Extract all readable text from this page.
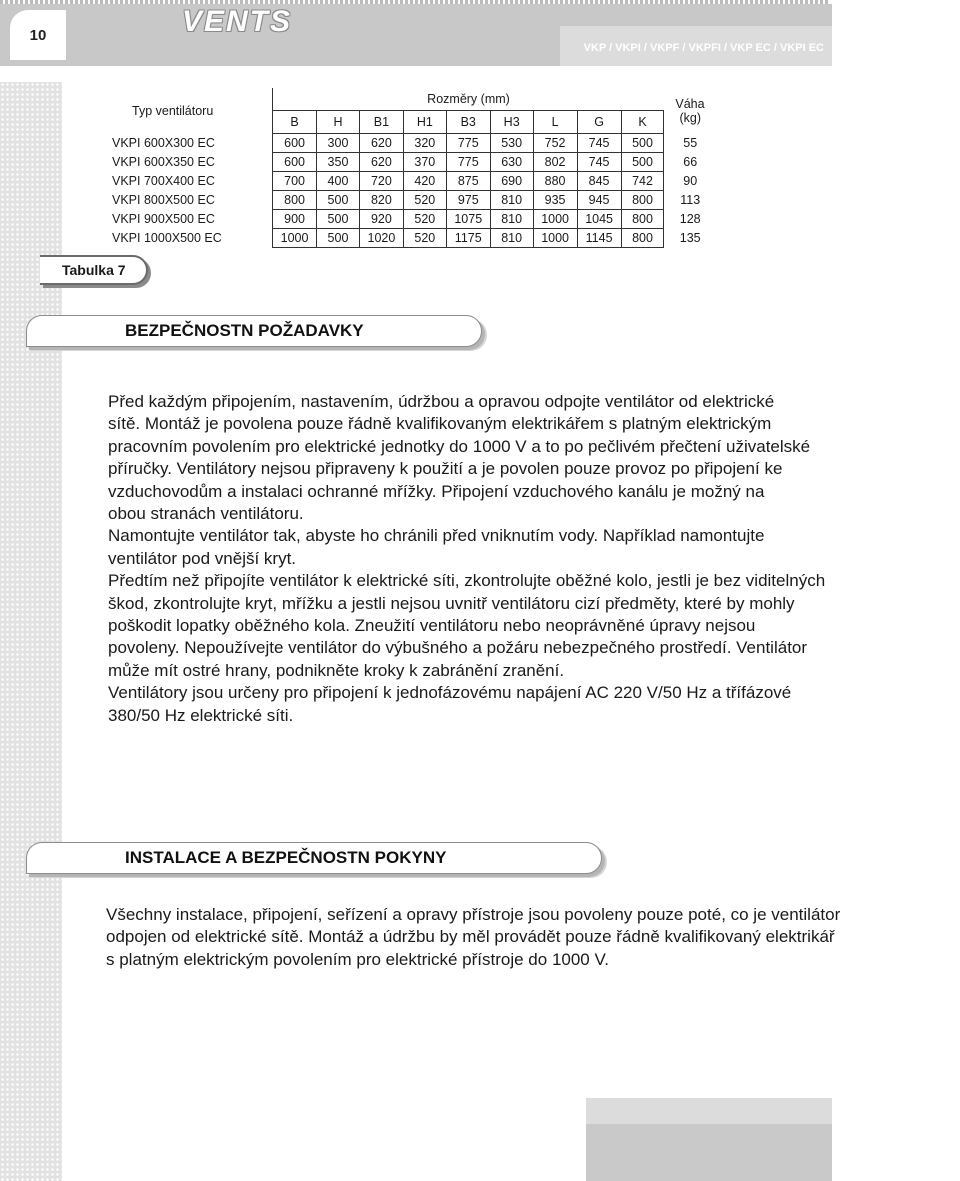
10	VENTS
VKP / VKPI / VKPF / VKPFI / VKP EC / VKPI EC
Typ ventilátoru		Rozměry (mm)									Váha
		B	H	B1	H1	B3	H3	L	G	K	(kg)
VKPI 600X300 EC		600	300	620	320	775	530	752	745	500	55
VKPI 600X350 EC		600	350	620	370	775	630	802	745	500	66
VKPI 700X400 EC		700	400	720	420	875	690	880	845	742	90
VKPI 800X500 EC		800	500	820	520	975	810	935	945	800	113
VKPI 900X500 EC		900	500	920	520	1075	810	1000	1045	800	128
VKPI 1000X500 EC		1000	500	1020	520	1175	810	1000	1145	800	135
Tabulka 7
BEZPEČNOSTN POŽADAVKY

Před každým připojením, nastavením, údržbou a opravou odpojte ventilátor od elektrické

sítě. Montáž je povolena pouze řádně kvalifikovaným elektrikářem s platným elektrickým

pracovním povolením pro elektrické jednotky do 1000 V a to po pečlivém přečtení uživatelské

příručky. Ventilátory nejsou připraveny k použití a je povolen pouze provoz po připojení ke

vzduchovodům a instalaci ochranné mřížky. Připojení vzduchového kanálu je možný na

obou stranách ventilátoru.

Namontujte ventilátor tak, abyste ho chránili před vniknutím vody. Například namontujte

ventilátor pod vnější kryt.

Předtím než připojíte ventilátor k elektrické síti, zkontrolujte oběžné kolo, jestli je bez viditelných

škod, zkontrolujte kryt, mřížku a jestli nejsou uvnitř ventilátoru cizí předměty, které by mohly

poškodit lopatky oběžného kola. Zneužití ventilátoru nebo neoprávněné úpravy nejsou

povoleny. Nepoužívejte ventilátor do výbušného a požáru nebezpečného prostředí. Ventilátor

může mít ostré hrany, podnikněte kroky k zabránění zranění.

Ventilátory jsou určeny pro připojení k jednofázovému napájení AC 220 V/50 Hz a třífázové

380/50 Hz elektrické síti.

INSTALACE A BEZPEČNOSTN POKYNY

Všechny instalace, připojení, seřízení a opravy přístroje jsou povoleny pouze poté, co je ventilátor

odpojen od elektrické sítě. Montáž a údržbu by měl provádět pouze řádně kvalifikovaný elektrikář

s platným elektrickým povolením pro elektrické přístroje do 1000 V.
